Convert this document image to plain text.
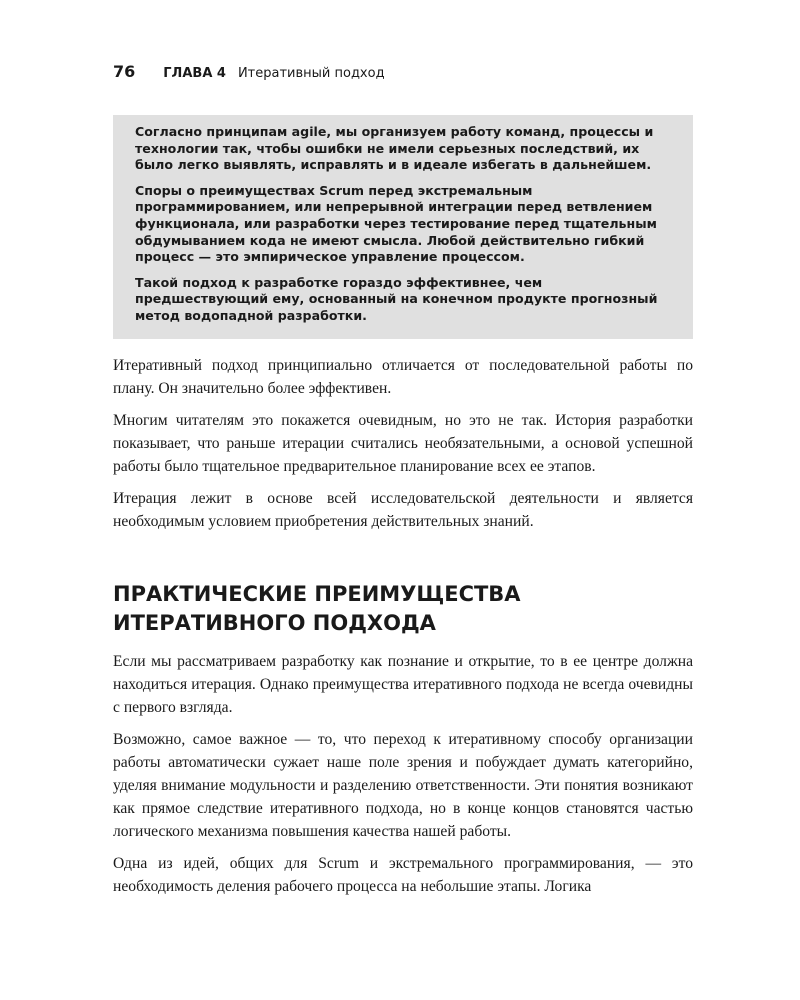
76 ГЛАВА 4 Итеративный подход

Согласно принципам agile, мы организуем работу команд, процессы и технологии так, чтобы ошибки не имели серьезных последствий, их было легко выявлять, исправлять и в идеале избегать в дальнейшем.

Споры о преимуществах Scrum перед экстремальным программированием, или непрерывной интеграции перед ветвлением функционала, или разработки через тестирование перед тщательным обдумыванием кода не имеют смысла. Любой действительно гибкий процесс — это эмпирическое управление процессом.

Такой подход к разработке гораздо эффективнее, чем предшествующий ему, основанный на конечном продукте прогнозный метод водопадной разработки.

Итеративный подход принципиально отличается от последовательной работы по плану. Он значительно более эффективен.

Многим читателям это покажется очевидным, но это не так. История разработки показывает, что раньше итерации считались необязательными, а основой успешной работы было тщательное предварительное планирование всех ее этапов.

Итерация лежит в основе всей исследовательской деятельности и является необходимым условием приобретения действительных знаний.

ПРАКТИЧЕСКИЕ ПРЕИМУЩЕСТВА
ИТЕРАТИВНОГО ПОДХОДА

Если мы рассматриваем разработку как познание и открытие, то в ее центре должна находиться итерация. Однако преимущества итеративного подхода не всегда очевидны с первого взгляда.

Возможно, самое важное — то, что переход к итеративному способу организации работы автоматически сужает наше поле зрения и побуждает думать категорийно, уделяя внимание модульности и разделению ответственности. Эти понятия возникают как прямое следствие итеративного подхода, но в конце концов становятся частью логического механизма повышения качества нашей работы.

Одна из идей, общих для Scrum и экстремального программирования, — это необходимость деления рабочего процесса на небольшие этапы. Логика
